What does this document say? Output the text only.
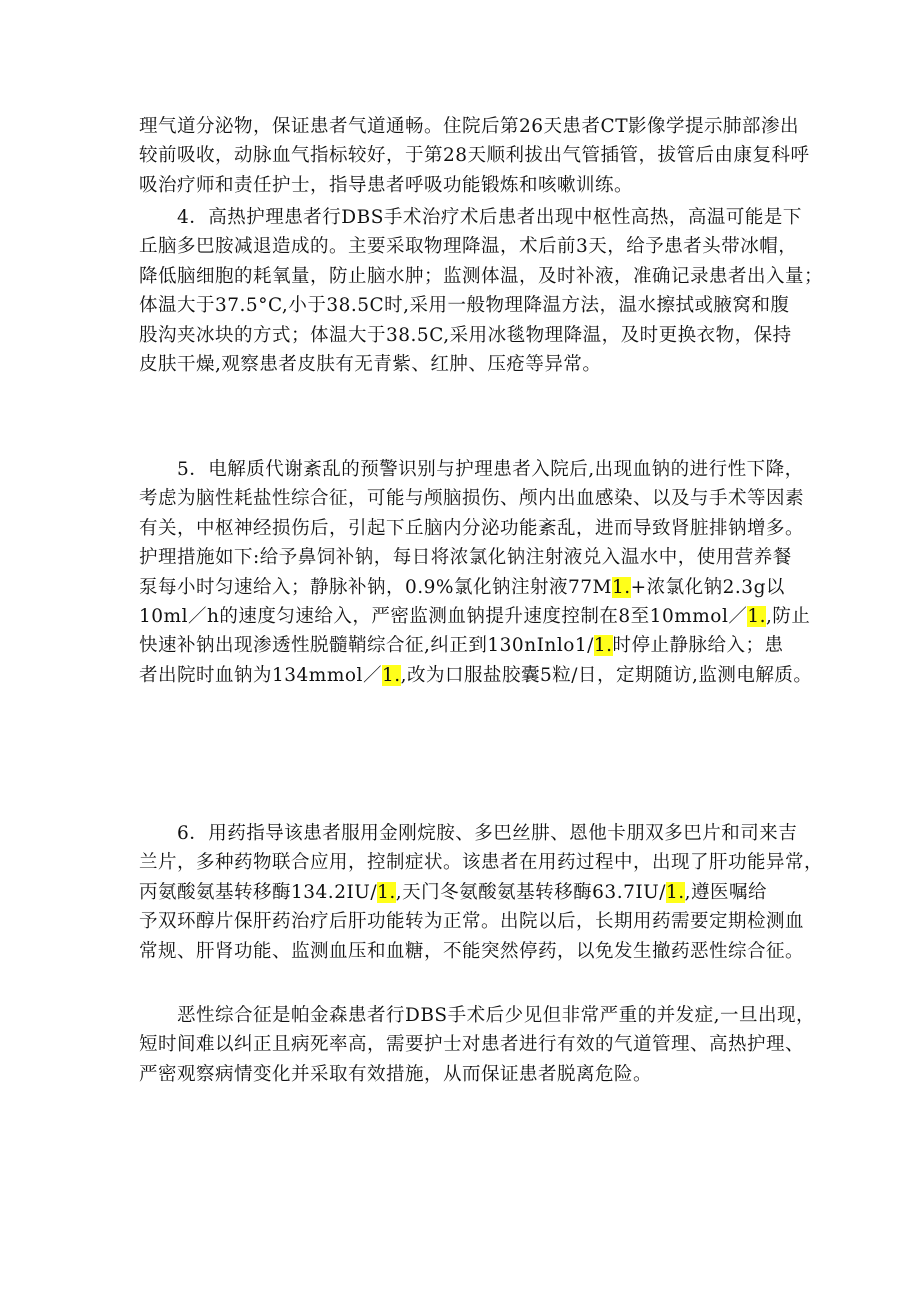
理气道分泌物，保证患者气道通畅。住院后第26天患者CT影像学提示肺部渗出
较前吸收，动脉血气指标较好，于第28天顺利拔出气管插管，拔管后由康复科呼
吸治疗师和责任护士，指导患者呼吸功能锻炼和咳嗽训练。

　　4．高热护理患者行DBS手术治疗术后患者出现中枢性高热，高温可能是下
丘脑多巴胺减退造成的。主要采取物理降温，术后前3天，给予患者头带冰帽，
降低脑细胞的耗氧量，防止脑水肿；监测体温，及时补液，准确记录患者出入量；
体温大于37.5°C,小于38.5C时,采用一般物理降温方法，温水擦拭或腋窝和腹
股沟夹冰块的方式；体温大于38.5C,采用冰毯物理降温，及时更换衣物，保持
皮肤干燥,观察患者皮肤有无青紫、红肿、压疮等异常。

　　5．电解质代谢紊乱的预警识别与护理患者入院后,出现血钠的进行性下降，
考虑为脑性耗盐性综合征，可能与颅脑损伤、颅内出血感染、以及与手术等因素
有关，中枢神经损伤后，引起下丘脑内分泌功能紊乱，进而导致肾脏排钠增多。
护理措施如下:给予鼻饲补钠，每日将浓氯化钠注射液兑入温水中，使用营养餐
泵每小时匀速给入；静脉补钠，0.9%氯化钠注射液77M1.+浓氯化钠2.3g以
10ml／h的速度匀速给入，严密监测血钠提升速度控制在8至10mmol／1.,防止
快速补钠出现渗透性脱髓鞘综合征,纠正到130nInlo1/1.时停止静脉给入；患
者出院时血钠为134mmol／1.,改为口服盐胶囊5粒/日，定期随访,监测电解质。

　　6．用药指导该患者服用金刚烷胺、多巴丝肼、恩他卡朋双多巴片和司来吉
兰片，多种药物联合应用，控制症状。该患者在用药过程中，出现了肝功能异常，
丙氨酸氨基转移酶134.2IU/1.,天门冬氨酸氨基转移酶63.7IU/1.,遵医嘱给
予双环醇片保肝药治疗后肝功能转为正常。出院以后，长期用药需要定期检测血
常规、肝肾功能、监测血压和血糖，不能突然停药，以免发生撤药恶性综合征。

　　恶性综合征是帕金森患者行DBS手术后少见但非常严重的并发症,一旦出现，
短时间难以纠正且病死率高，需要护士对患者进行有效的气道管理、高热护理、
严密观察病情变化并采取有效措施，从而保证患者脱离危险。
